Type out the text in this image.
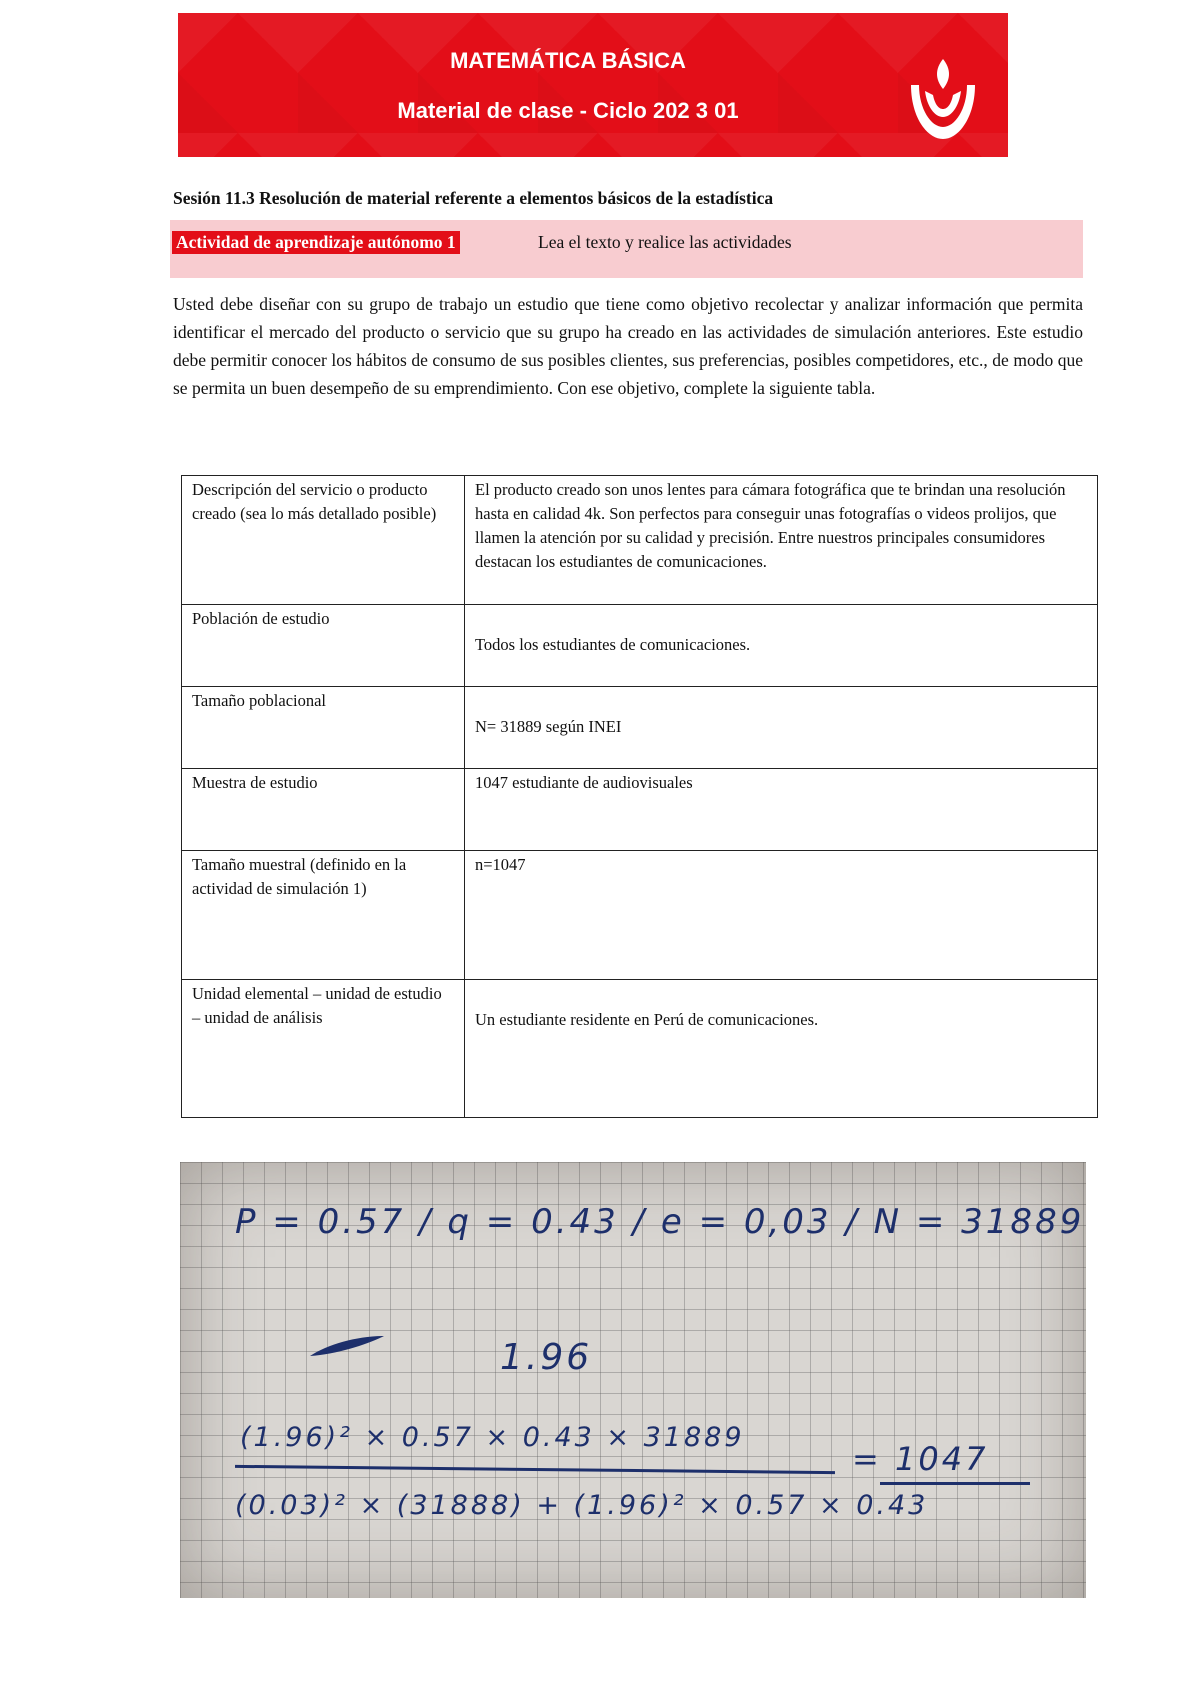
MATEMÁTICA BÁSICA
Material de clase - Ciclo 202 3 01
Sesión 11.3 Resolución de material referente a elementos básicos de la estadística
Actividad de aprendizaje autónomo 1	Lea el texto y realice las actividades
Usted debe diseñar con su grupo de trabajo un estudio que tiene como objetivo recolectar y analizar información que permita identificar el mercado del producto o servicio que su grupo ha creado en las actividades de simulación anteriores. Este estudio debe permitir conocer los hábitos de consumo de sus posibles clientes, sus preferencias, posibles competidores, etc., de modo que se permita un buen desempeño de su emprendimiento. Con ese objetivo, complete la siguiente tabla.
Descripción del servicio o producto creado (sea lo más detallado posible)	El producto creado son unos lentes para cámara fotográfica que te brindan una resolución hasta en calidad 4k. Son perfectos para conseguir unas fotografías o videos prolijos, que llamen la atención por su calidad y precisión. Entre nuestros principales consumidores destacan los estudiantes de comunicaciones.
Población de estudio	Todos los estudiantes de comunicaciones.

Tamaño poblacional	N= 31889 según INEI

Muestra de estudio	1047 estudiante de audiovisuales
Tamaño muestral (definido en la actividad de simulación 1)	n=1047
Unidad elemental – unidad de estudio – unidad de análisis	Un estudiante residente en Perú de comunicaciones.
P = 0.57 / q = 0.43 / e = 0,03 / N = 31889
1.96
(1.96)² × 0.57 × 0.43 × 31889
(0.03)² × (31888) + (1.96)² × 0.57 × 0.43
= 1047
